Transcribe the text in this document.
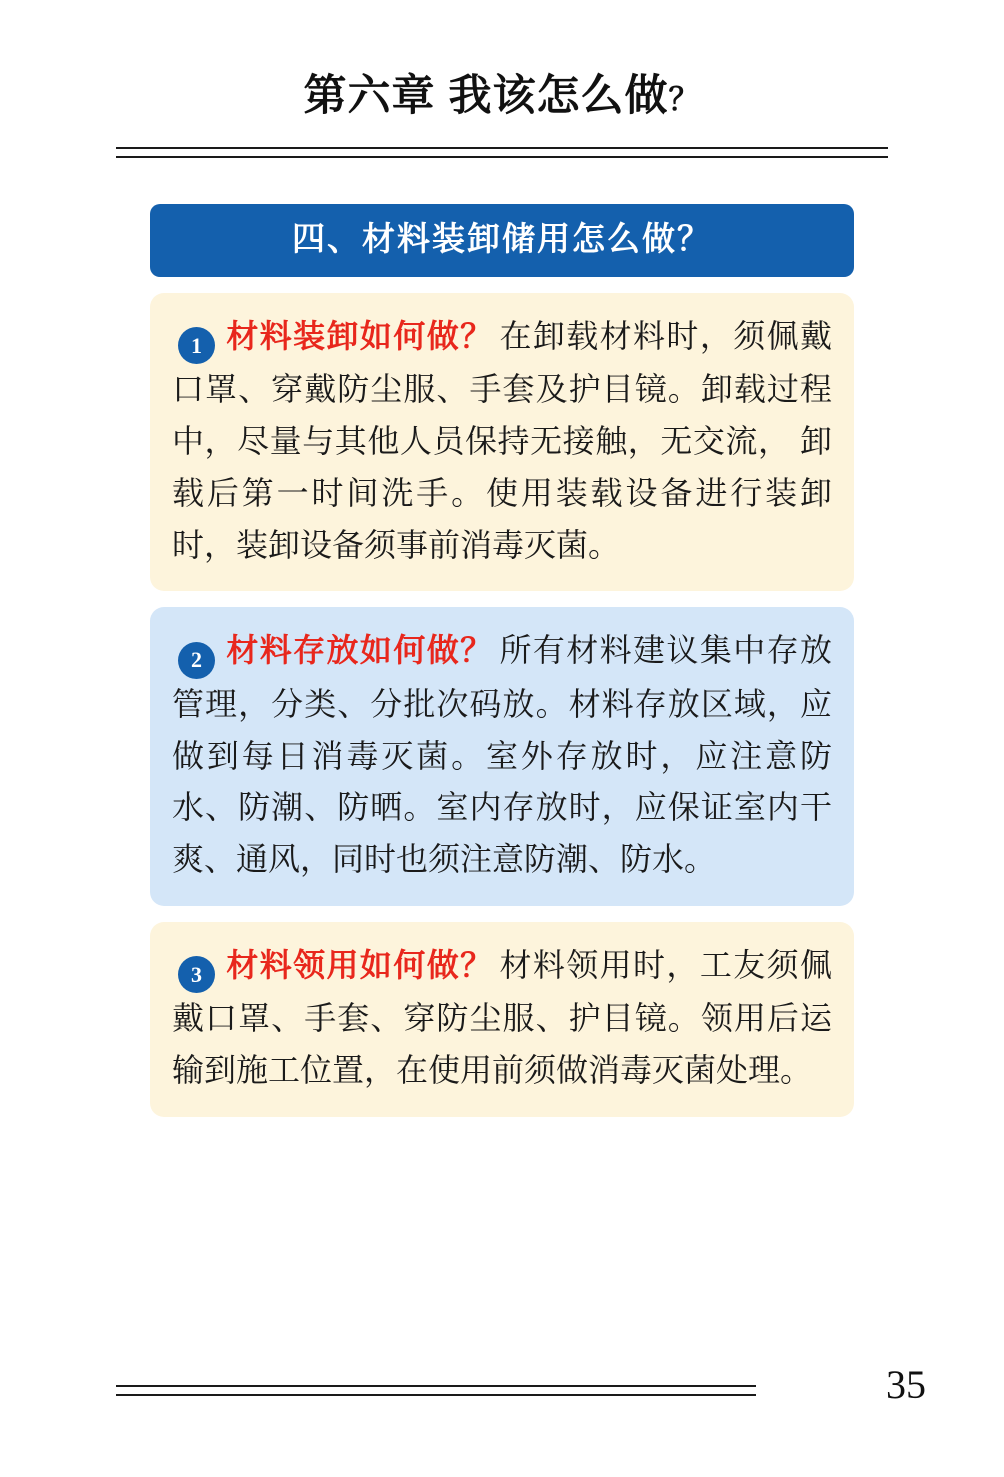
第六章 我该怎么做？
四、材料装卸储用怎么做？

1 材料装卸如何做？ 在卸载材料时，须佩戴口罩、穿戴防尘服、手套及护目镜。卸载过程中，尽量与其他人员保持无接触，无交流， 卸载后第一时间洗手。使用装载设备进行装卸时，装卸设备须事前消毒灭菌。

2 材料存放如何做？ 所有材料建议集中存放管理，分类、分批次码放。材料存放区域，应做到每日消毒灭菌。室外存放时，应注意防水、防潮、防晒。室内存放时，应保证室内干爽、通风，同时也须注意防潮、防水。

3 材料领用如何做？ 材料领用时，工友须佩戴口罩、手套、穿防尘服、护目镜。领用后运输到施工位置，在使用前须做消毒灭菌处理。

35
